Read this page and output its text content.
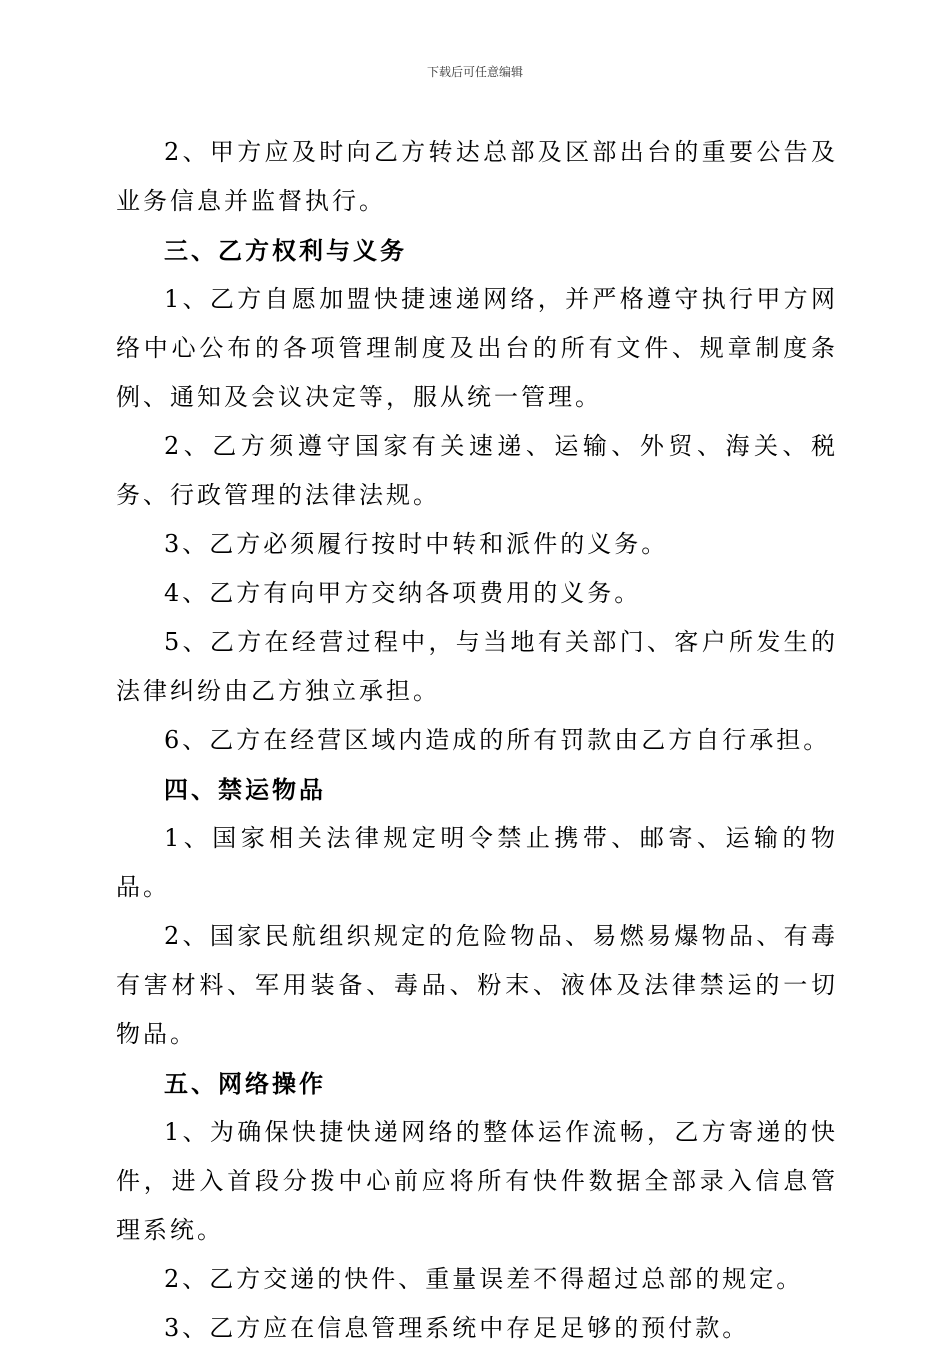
下载后可任意编辑

2、甲方应及时向乙方转达总部及区部出台的重要公告及业务信息并监督执行。

三、乙方权利与义务

1、乙方自愿加盟快捷速递网络，并严格遵守执行甲方网络中心公布的各项管理制度及出台的所有文件、规章制度条例、通知及会议决定等，服从统一管理。

2、乙方须遵守国家有关速递、运输、外贸、海关、税务、行政管理的法律法规。

3、乙方必须履行按时中转和派件的义务。

4、乙方有向甲方交纳各项费用的义务。

5、乙方在经营过程中，与当地有关部门、客户所发生的法律纠纷由乙方独立承担。

6、乙方在经营区域内造成的所有罚款由乙方自行承担。

四、禁运物品

1、国家相关法律规定明令禁止携带、邮寄、运输的物品。

2、国家民航组织规定的危险物品、易燃易爆物品、有毒有害材料、军用装备、毒品、粉末、液体及法律禁运的一切物品。

五、网络操作

1、为确保快捷快递网络的整体运作流畅，乙方寄递的快件，进入首段分拨中心前应将所有快件数据全部录入信息管理系统。

2、乙方交递的快件、重量误差不得超过总部的规定。

3、乙方应在信息管理系统中存足足够的预付款。
